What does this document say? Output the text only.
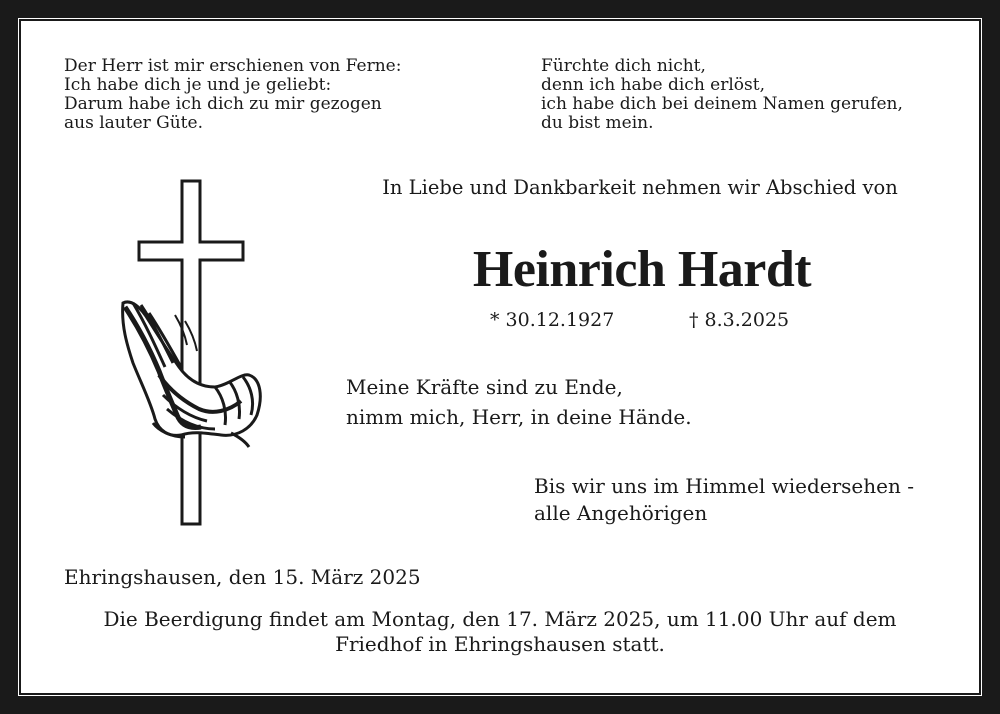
Der Herr ist mir erschienen von Ferne:
Ich habe dich je und je geliebt:
Darum habe ich dich zu mir gezogen
aus lauter Güte.
Fürchte dich nicht,
denn ich habe dich erlöst,
ich habe dich bei deinem Namen gerufen,
du bist mein.
In Liebe und Dankbarkeit nehmen wir Abschied von
Heinrich Hardt
* 30.12.1927	† 8.3.2025
Meine Kräfte sind zu Ende,
nimm mich, Herr, in deine Hände.
Bis wir uns im Himmel wiedersehen -
alle Angehörigen
Ehringshausen, den 15. März 2025
Die Beerdigung findet am Montag, den 17. März 2025, um 11.00 Uhr auf dem
Friedhof in Ehringshausen statt.
